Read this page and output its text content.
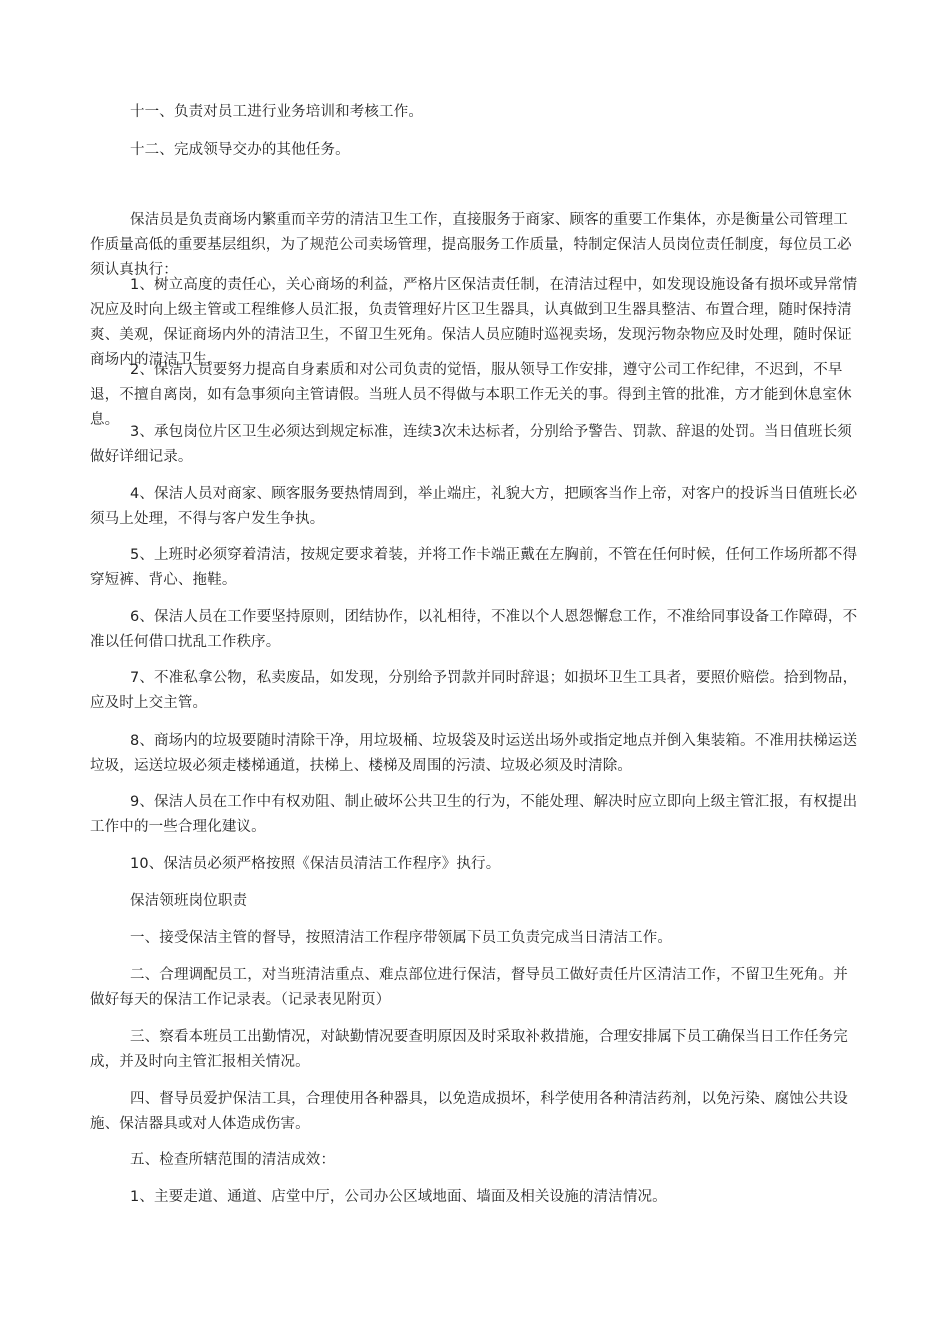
十一、负责对员工进行业务培训和考核工作。

十二、完成领导交办的其他任务。

保洁员是负责商场内繁重而辛劳的清洁卫生工作，直接服务于商家、顾客的重要工作集体，亦是衡量公司管理工作质量高低的重要基层组织，为了规范公司卖场管理，提高服务工作质量，特制定保洁人员岗位责任制度，每位员工必须认真执行：

1、树立高度的责任心，关心商场的利益，严格片区保洁责任制，在清洁过程中，如发现设施设备有损坏或异常情况应及时向上级主管或工程维修人员汇报，负责管理好片区卫生器具，认真做到卫生器具整洁、布置合理，随时保持清爽、美观，保证商场内外的清洁卫生，不留卫生死角。保洁人员应随时巡视卖场，发现污物杂物应及时处理，随时保证商场内的清洁卫生。

2、保洁人员要努力提高自身素质和对公司负责的觉悟，服从领导工作安排，遵守公司工作纪律，不迟到，不早退，不擅自离岗，如有急事须向主管请假。当班人员不得做与本职工作无关的事。得到主管的批准，方才能到休息室休息。

3、承包岗位片区卫生必须达到规定标准，连续3次未达标者，分别给予警告、罚款、辞退的处罚。当日值班长须做好详细记录。

4、保洁人员对商家、顾客服务要热情周到，举止端庄，礼貌大方，把顾客当作上帝，对客户的投诉当日值班长必须马上处理，不得与客户发生争执。

5、上班时必须穿着清洁，按规定要求着装，并将工作卡端正戴在左胸前，不管在任何时候，任何工作场所都不得穿短裤、背心、拖鞋。

6、保洁人员在工作要坚持原则，团结协作，以礼相待，不准以个人恩怨懈怠工作，不准给同事设备工作障碍，不准以任何借口扰乱工作秩序。

7、不准私拿公物，私卖废品，如发现，分别给予罚款并同时辞退；如损坏卫生工具者，要照价赔偿。拾到物品，应及时上交主管。

8、商场内的垃圾要随时清除干净，用垃圾桶、垃圾袋及时运送出场外或指定地点并倒入集装箱。不准用扶梯运送垃圾，运送垃圾必须走楼梯通道，扶梯上、楼梯及周围的污渍、垃圾必须及时清除。

9、保洁人员在工作中有权劝阻、制止破坏公共卫生的行为，不能处理、解决时应立即向上级主管汇报，有权提出工作中的一些合理化建议。

10、保洁员必须严格按照《保洁员清洁工作程序》执行。

保洁领班岗位职责

一、接受保洁主管的督导，按照清洁工作程序带领属下员工负责完成当日清洁工作。

二、合理调配员工，对当班清洁重点、难点部位进行保洁，督导员工做好责任片区清洁工作，不留卫生死角。并做好每天的保洁工作记录表。（记录表见附页）

三、察看本班员工出勤情况，对缺勤情况要查明原因及时采取补救措施，合理安排属下员工确保当日工作任务完成，并及时向主管汇报相关情况。

四、督导员爱护保洁工具，合理使用各种器具，以免造成损坏，科学使用各种清洁药剂，以免污染、腐蚀公共设施、保洁器具或对人体造成伤害。

五、检查所辖范围的清洁成效：

1、主要走道、通道、店堂中厅，公司办公区域地面、墙面及相关设施的清洁情况。
